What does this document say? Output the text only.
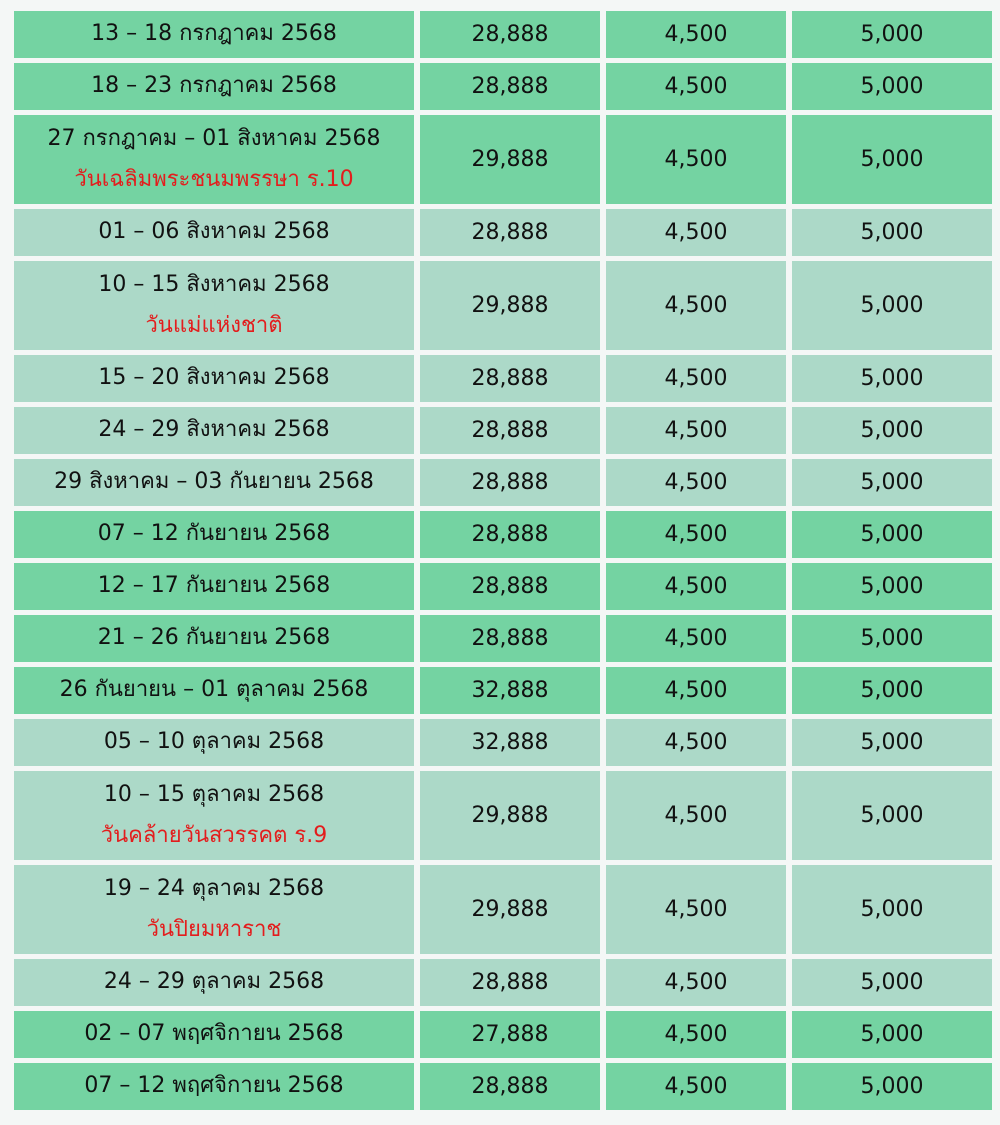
13 – 18 กรกฎาคม 2568	28,888	4,500	5,000

18 – 23 กรกฎาคม 2568	28,888	4,500	5,000

27 กรกฎาคม – 01 สิงหาคม 2568
วันเฉลิมพระชนมพรรษา ร.10	29,888	4,500	5,000

01 – 06 สิงหาคม 2568	28,888	4,500	5,000

10 – 15 สิงหาคม 2568
วันแม่แห่งชาติ	29,888	4,500	5,000

15 – 20 สิงหาคม 2568	28,888	4,500	5,000

24 – 29 สิงหาคม 2568	28,888	4,500	5,000

29 สิงหาคม – 03 กันยายน 2568	28,888	4,500	5,000

07 – 12 กันยายน 2568	28,888	4,500	5,000

12 – 17 กันยายน 2568	28,888	4,500	5,000

21 – 26 กันยายน 2568	28,888	4,500	5,000

26 กันยายน – 01 ตุลาคม 2568	32,888	4,500	5,000

05 – 10 ตุลาคม 2568	32,888	4,500	5,000

10 – 15 ตุลาคม 2568
วันคล้ายวันสวรรคต ร.9	29,888	4,500	5,000

19 – 24 ตุลาคม 2568
วันปิยมหาราช	29,888	4,500	5,000

24 – 29 ตุลาคม 2568	28,888	4,500	5,000

02 – 07 พฤศจิกายน 2568	27,888	4,500	5,000

07 – 12 พฤศจิกายน 2568	28,888	4,500	5,000
